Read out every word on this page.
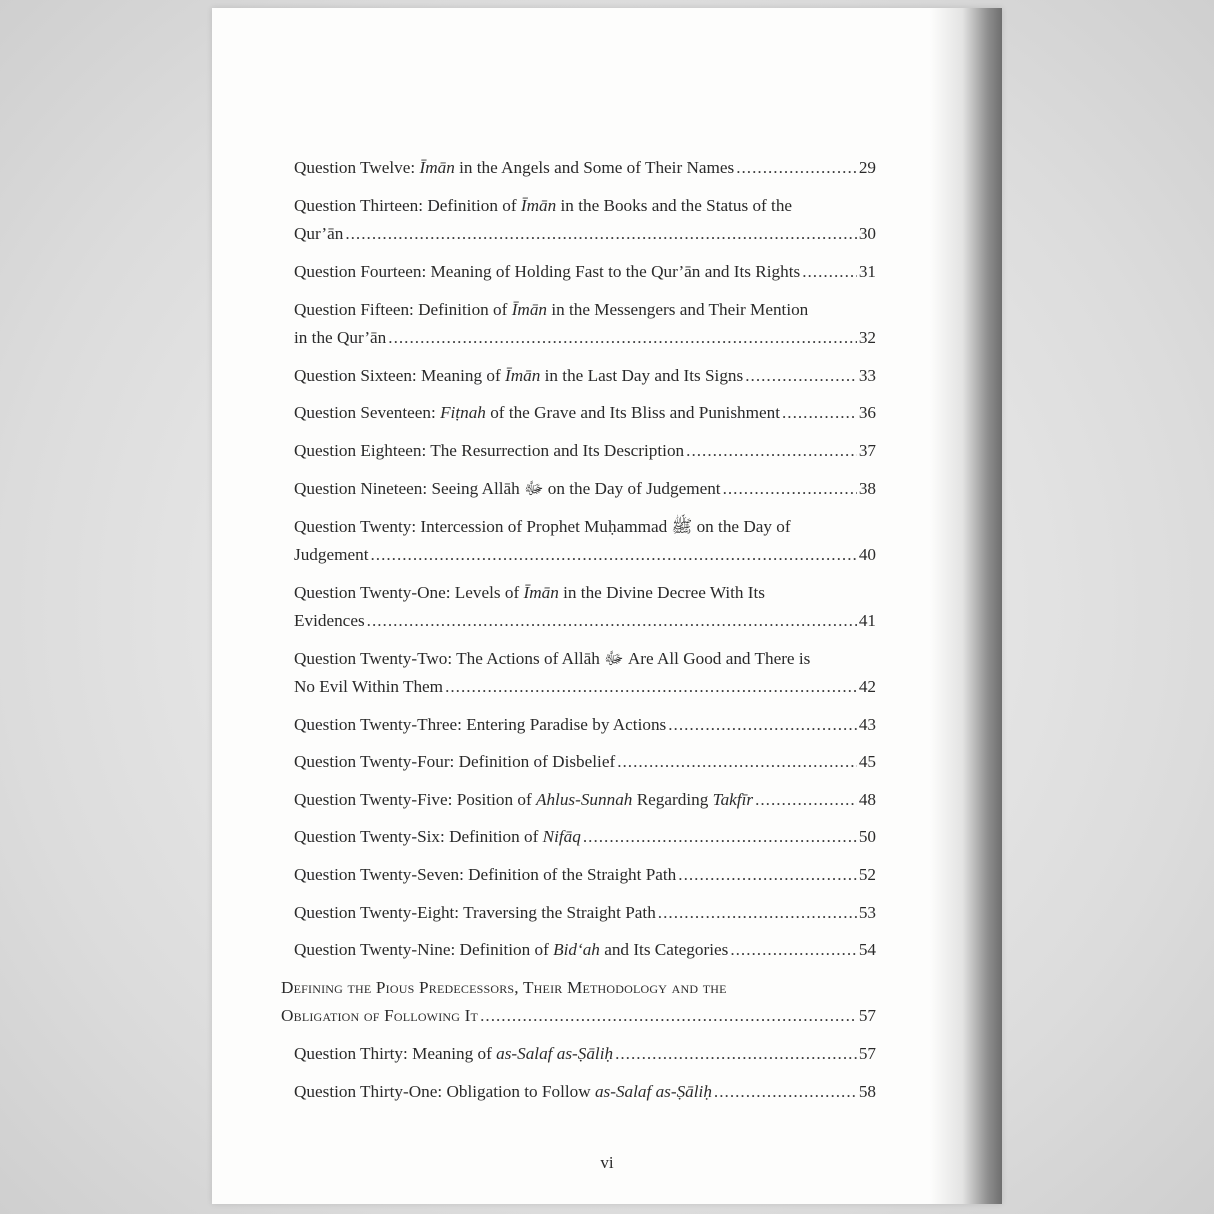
Question Twelve: Īmān in the Angels and Some of Their Names .....	29
Question Thirteen: Definition of Īmān in the Books and the Status of the
Qur’ān .....	30
Question Fourteen: Meaning of Holding Fast to the Qur’ān and Its Rights .....	31
Question Fifteen: Definition of Īmān in the Messengers and Their Mention
in the Qur’ān .....	32
Question Sixteen: Meaning of Īmān in the Last Day and Its Signs .....	33
Question Seventeen: Fiṭnah of the Grave and Its Bliss and Punishment .....	36
Question Eighteen: The Resurrection and Its Description .....	37
Question Nineteen: Seeing Allāh ﷻ on the Day of Judgement .....	38
Question Twenty: Intercession of Prophet Muḥammad ﷺ on the Day of
Judgement .....	40
Question Twenty-One: Levels of Īmān in the Divine Decree With Its
Evidences .....	41
Question Twenty-Two: The Actions of Allāh ﷻ Are All Good and There is
No Evil Within Them .....	42
Question Twenty-Three: Entering Paradise by Actions .....	43
Question Twenty-Four: Definition of Disbelief .....	45
Question Twenty-Five: Position of Ahlus-Sunnah Regarding Takfīr .....	48
Question Twenty-Six: Definition of Nifāq .....	50
Question Twenty-Seven: Definition of the Straight Path .....	52
Question Twenty-Eight: Traversing the Straight Path .....	53
Question Twenty-Nine: Definition of Bid‘ah and Its Categories .....	54
Defining the Pious Predecessors, Their Methodology and the
Obligation of Following It .....	57
Question Thirty: Meaning of as-Salaf as-Ṣāliḥ .....	57
Question Thirty-One: Obligation to Follow as-Salaf as-Ṣāliḥ .....	58
vi
